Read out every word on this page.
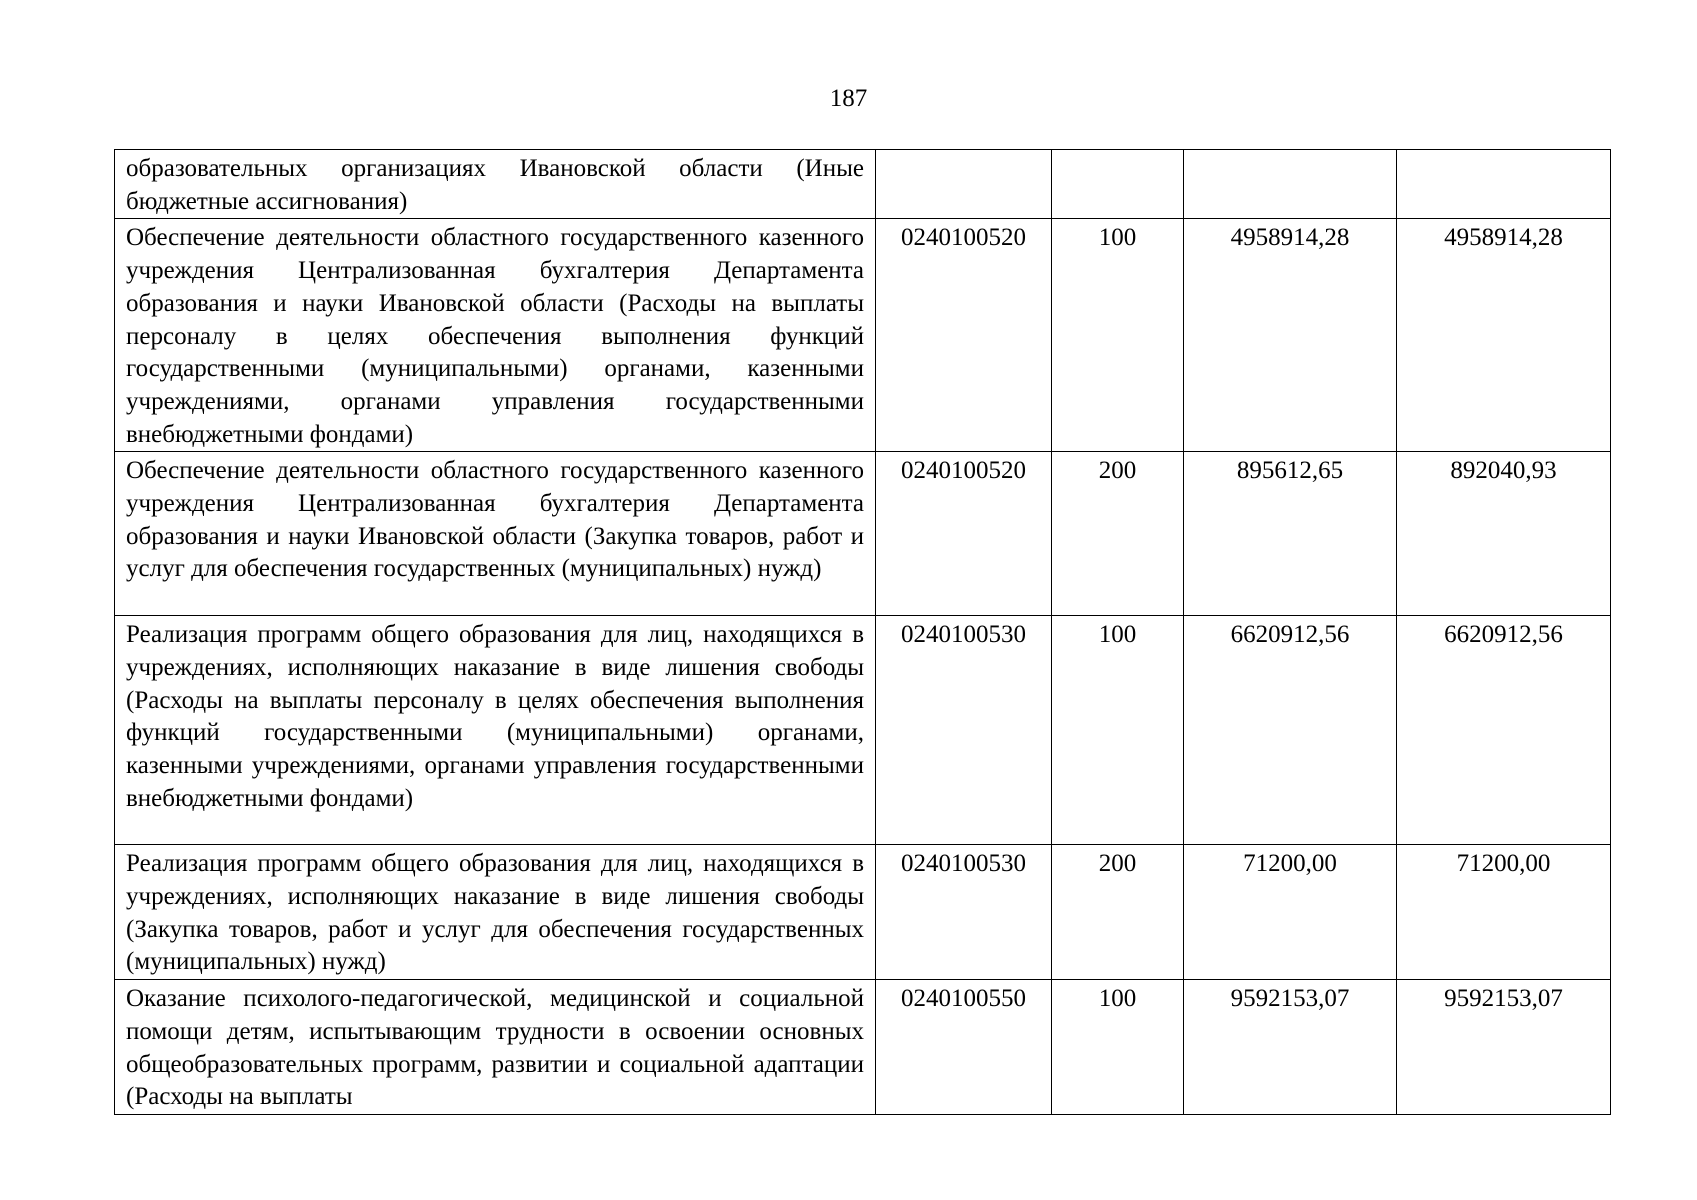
187
образовательных организациях Ивановской области (Иные бюджетные ассигнования)				
Обеспечение деятельности областного государственного казенного учреждения Централизованная бухгалтерия Департамента образования и науки Ивановской области (Расходы на выплаты персоналу в целях обеспечения выполнения функций государственными (муниципальными) органами, казенными учреждениями, органами управления государственными внебюджетными фондами)	0240100520	100	4958914,28	4958914,28
Обеспечение деятельности областного государственного казенного учреждения Централизованная бухгалтерия Департамента образования и науки Ивановской области (Закупка товаров, работ и услуг для обеспечения государственных (муниципальных) нужд)	0240100520	200	895612,65	892040,93
Реализация программ общего образования для лиц, находящихся в учреждениях, исполняющих наказание в виде лишения свободы (Расходы на выплаты персоналу в целях обеспечения выполнения функций государственными (муниципальными) органами, казенными учреждениями, органами управления государственными внебюджетными фондами)	0240100530	100	6620912,56	6620912,56
Реализация программ общего образования для лиц, находящихся в учреждениях, исполняющих наказание в виде лишения свободы (Закупка товаров, работ и услуг для обеспечения государственных (муниципальных) нужд)	0240100530	200	71200,00	71200,00
Оказание психолого-педагогической, медицинской и социальной помощи детям, испытывающим трудности в освоении основных общеобразовательных программ, развитии и социальной адаптации (Расходы на выплаты	0240100550	100	9592153,07	9592153,07
